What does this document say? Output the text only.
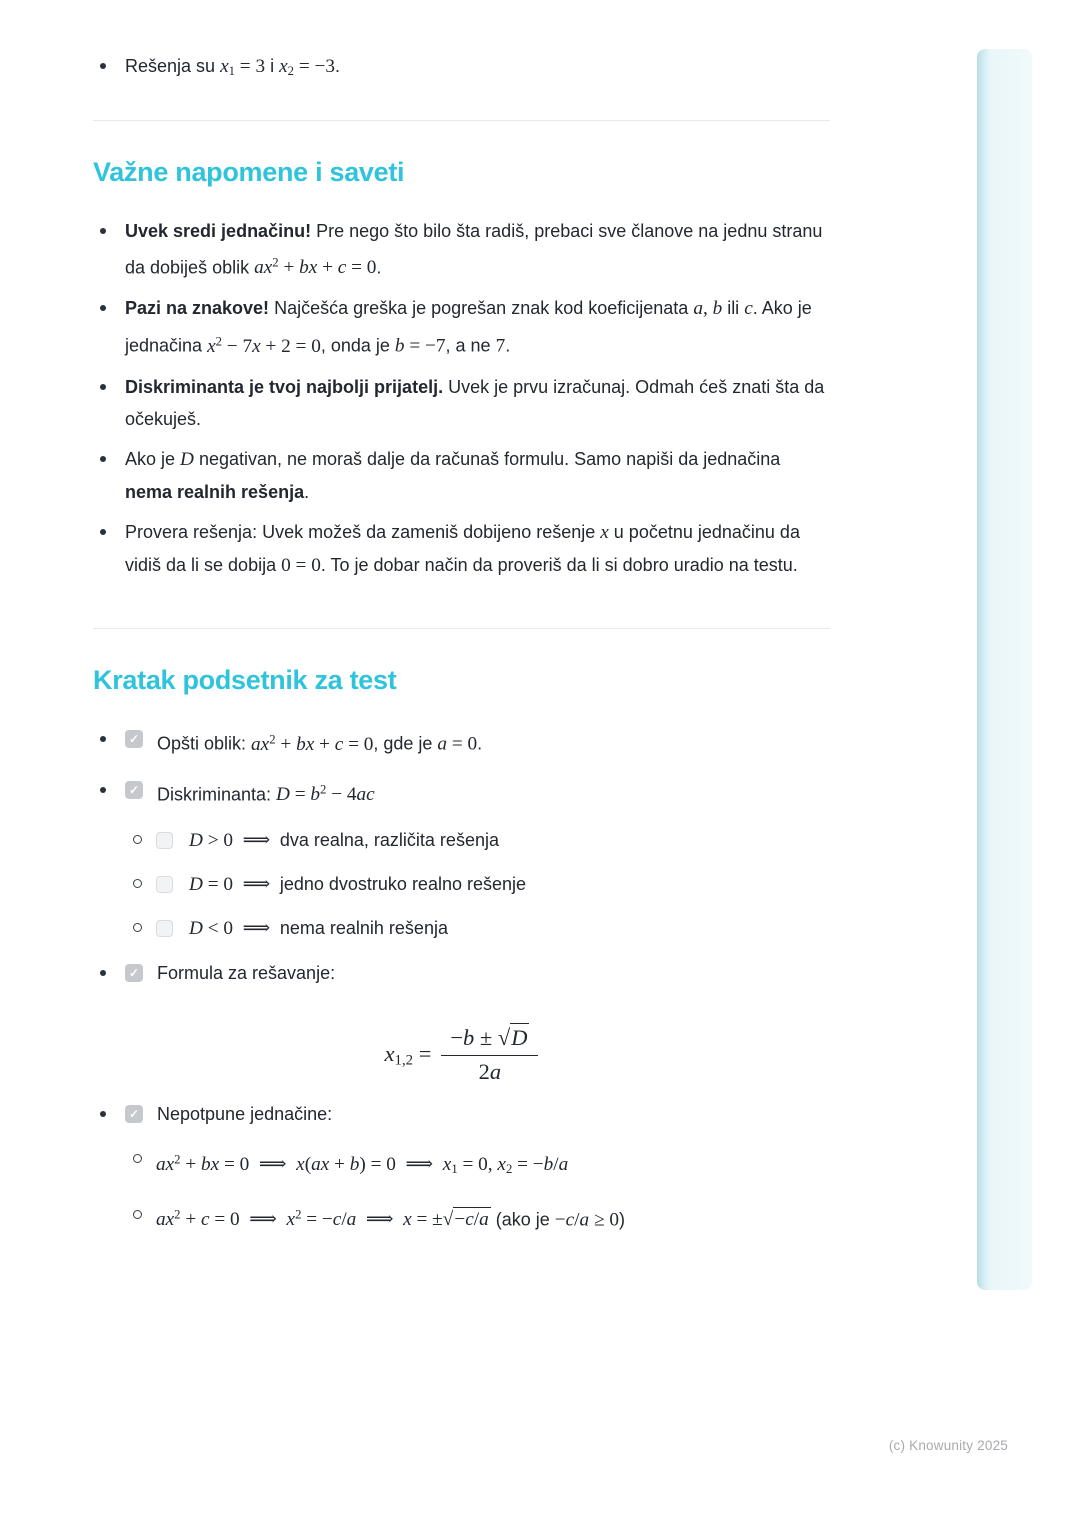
Rešenja su $x_1 = 3$ i $x_2 = -3$.

Važne napomene i saveti

Uvek sredi jednačinu! Pre nego što bilo šta radiš, prebaci sve članove na jednu stranu da dobiješ oblik $ax^2$ + bx + c = 0.

Pazi na znakove! Najčešća greška je pogrešan znak kod koeficijenata a, b ili c. Ako je jednačina $x^2 - 7x + 2 = 0$, onda je b = −7, a ne 7.

Diskriminanta je tvoj najbolji prijatelj. Uvek je prvu izračunaj. Odmah ćeš znati šta da očekuješ.

Ako je D negativan, ne moraš dalje da računaš formulu. Samo napiši da jednačina nema realnih rešenja.

Provera rešenja: Uvek možeš da zameniš dobijeno rešenje x u početnu jednačinu da vidiš da li se dobija 0 = 0. To je dobar način da proveriš da li si dobro uradio na testu.

Kratak podsetnik za test
✓ Opšti oblik: $ax^2$ + bx + c = 0, gde je a = 0.

✓ Diskriminanta: $D = b^2 - 4ac$

D > 0  ⟹  dva realna, različita rešenja

D = 0  ⟹  jedno dvostruko realno rešenje

D < 0  ⟹  nema realnih rešenja

✓ Formula za rešavanje:

$x_{1,2} = \frac{-b \pm √D}{2a}$
✓ Nepotpune jednačine:

$ax^2$ + bx = 0  ⟹  x(ax + b) = 0  ⟹  $x_1 = 0$, $x_2 = -b/a$

$ax^2 + c = 0$  ⟹  $x^2 = -c/a$  ⟹  x = ±√−c/a (ako je −c/a ≥ 0)

(c) Knowunity 2025
